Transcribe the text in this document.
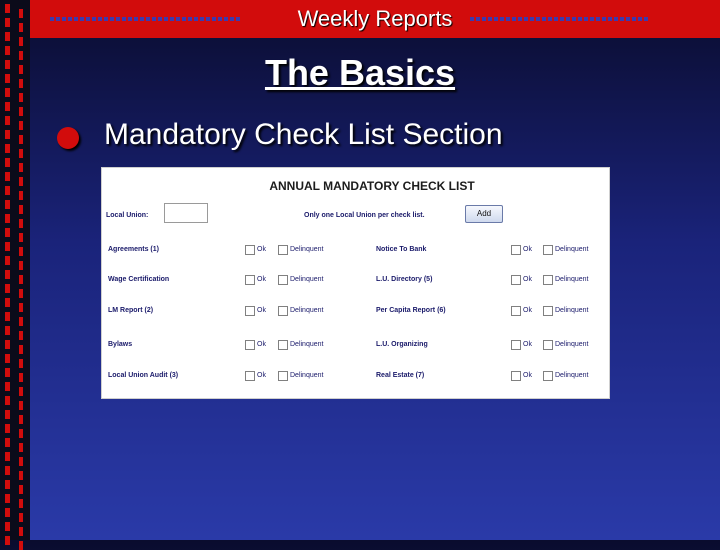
Weekly Reports
The Basics
Mandatory Check List Section
ANNUAL MANDATORY CHECK LIST
Local Union:	Only one Local Union per check list.	Add
Agreements (1)	Ok	Delinquent	Notice To Bank	Ok	Delinquent
Wage Certification	Ok	Delinquent	L.U. Directory (5)	Ok	Delinquent
LM Report (2)	Ok	Delinquent	Per Capita Report (6)	Ok	Delinquent
Bylaws	Ok	Delinquent	L.U. Organizing	Ok	Delinquent
Local Union Audit (3)	Ok	Delinquent	Real Estate (7)	Ok	Delinquent
